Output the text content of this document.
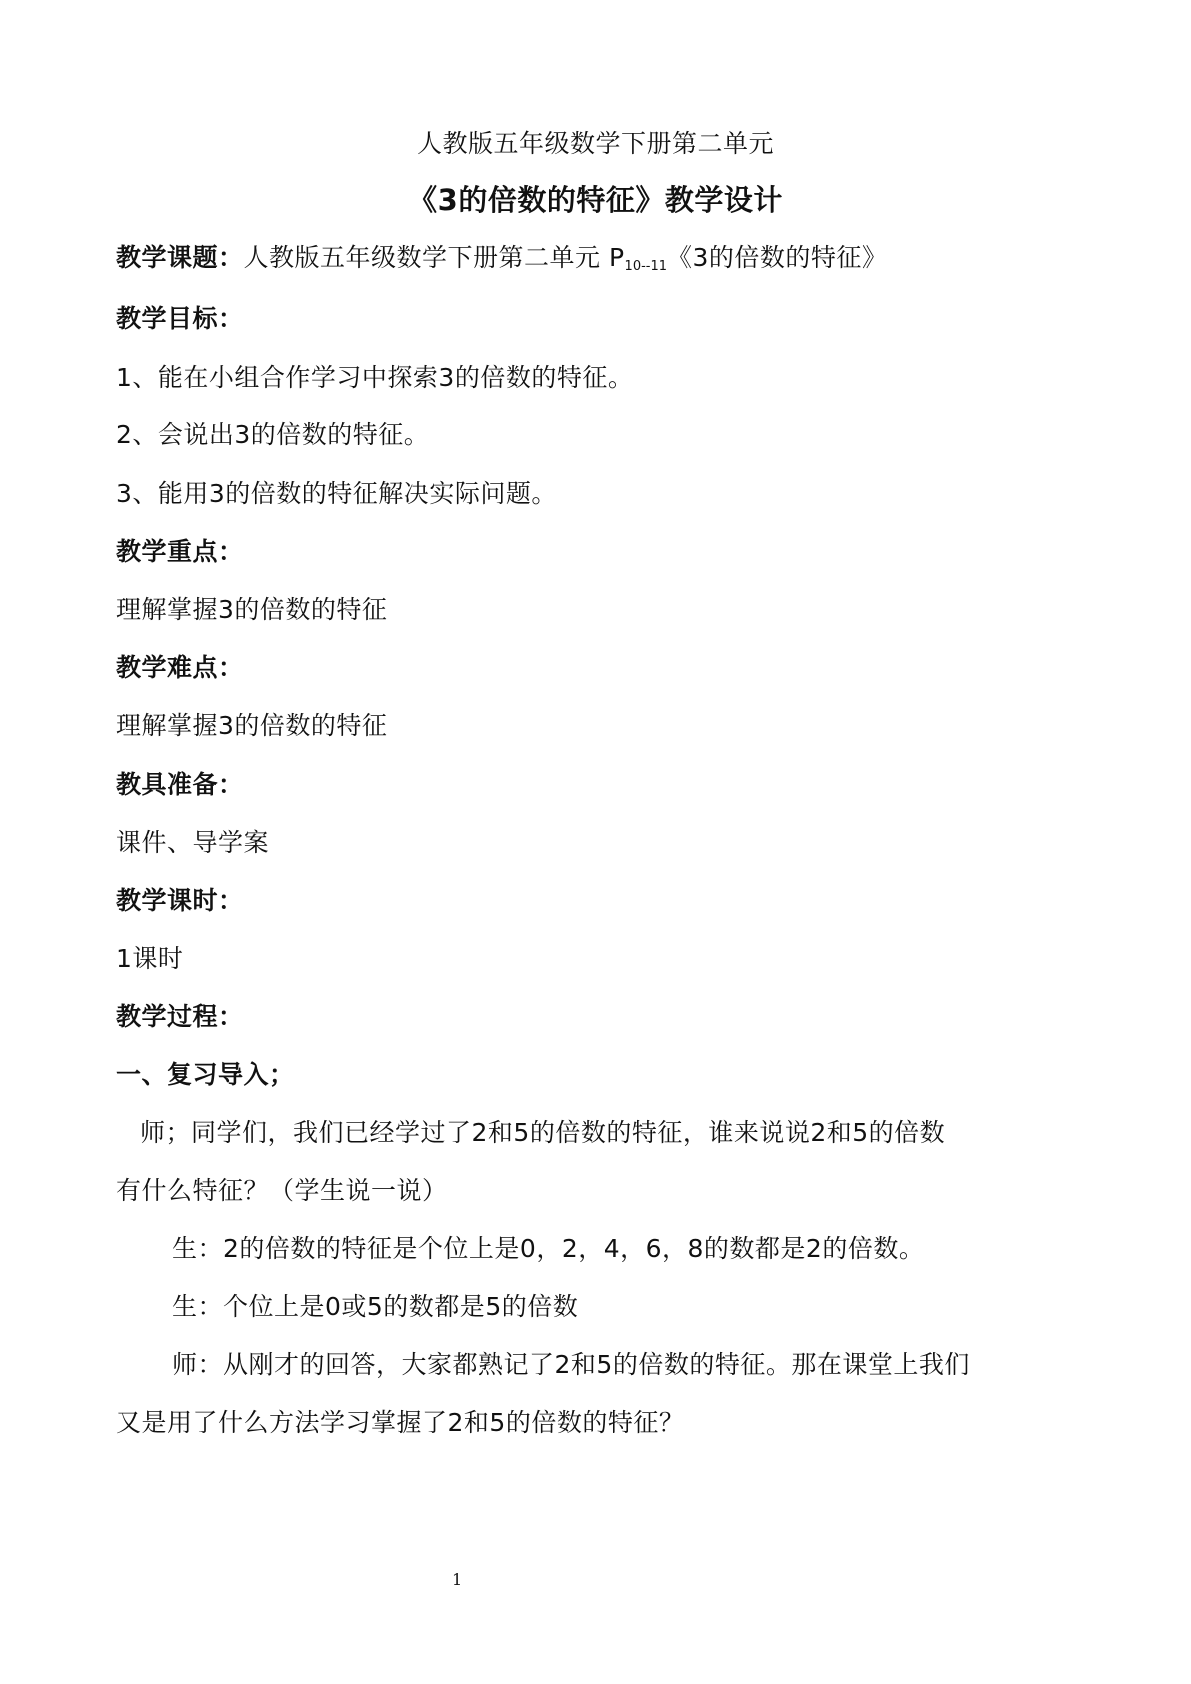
人教版五年级数学下册第二单元
《3的倍数的特征》教学设计
教学课题：人教版五年级数学下册第二单元 $P_{10--11}$《3的倍数的特征》
教学目标：
1、能在小组合作学习中探索3的倍数的特征。
2、会说出3的倍数的特征。
3、能用3的倍数的特征解决实际问题。
教学重点：
理解掌握3的倍数的特征
教学难点：
理解掌握3的倍数的特征
教具准备：
课件、导学案
教学课时：
1课时
教学过程：
一、复习导入；
师；同学们，我们已经学过了2和5的倍数的特征，谁来说说2和5的倍数
有什么特征？（学生说一说）
生：2的倍数的特征是个位上是0，2，4，6，8的数都是2的倍数。
生：个位上是0或5的数都是5的倍数
师：从刚才的回答，大家都熟记了2和5的倍数的特征。那在课堂上我们
又是用了什么方法学习掌握了2和5的倍数的特征？
1
